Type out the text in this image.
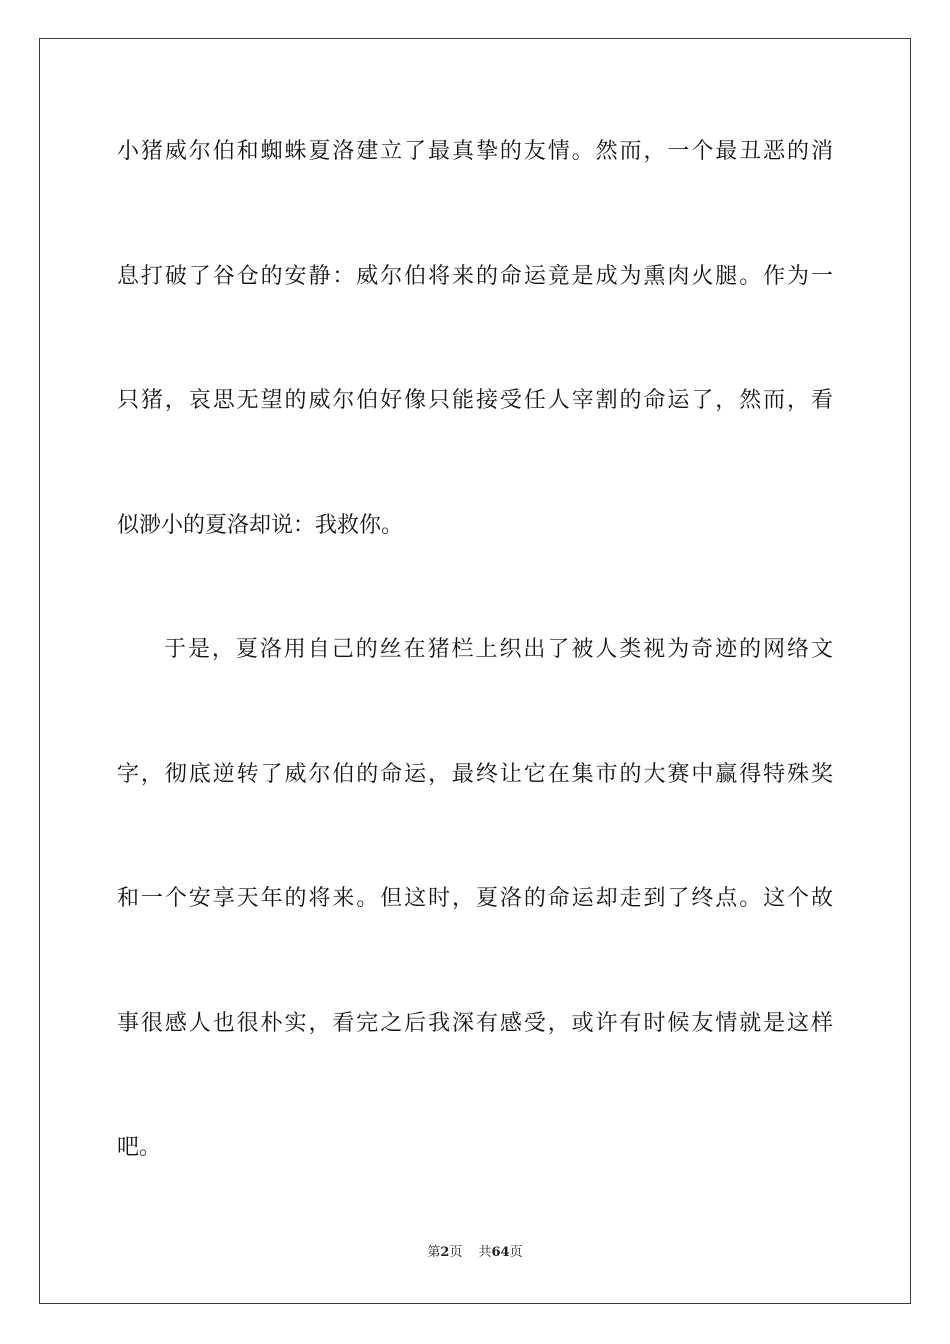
小猪威尔伯和蜘蛛夏洛建立了最真挚的友情。然而，一个最丑恶的消
息打破了谷仓的安静：威尔伯将来的命运竟是成为熏肉火腿。作为一
只猪，哀思无望的威尔伯好像只能接受任人宰割的命运了，然而，看
似渺小的夏洛却说：我救你。
于是，夏洛用自己的丝在猪栏上织出了被人类视为奇迹的网络文
字，彻底逆转了威尔伯的命运，最终让它在集市的大赛中赢得特殊奖
和一个安享天年的将来。但这时，夏洛的命运却走到了终点。这个故
事很感人也很朴实，看完之后我深有感受，或许有时候友情就是这样
吧。
第2页 共64页
